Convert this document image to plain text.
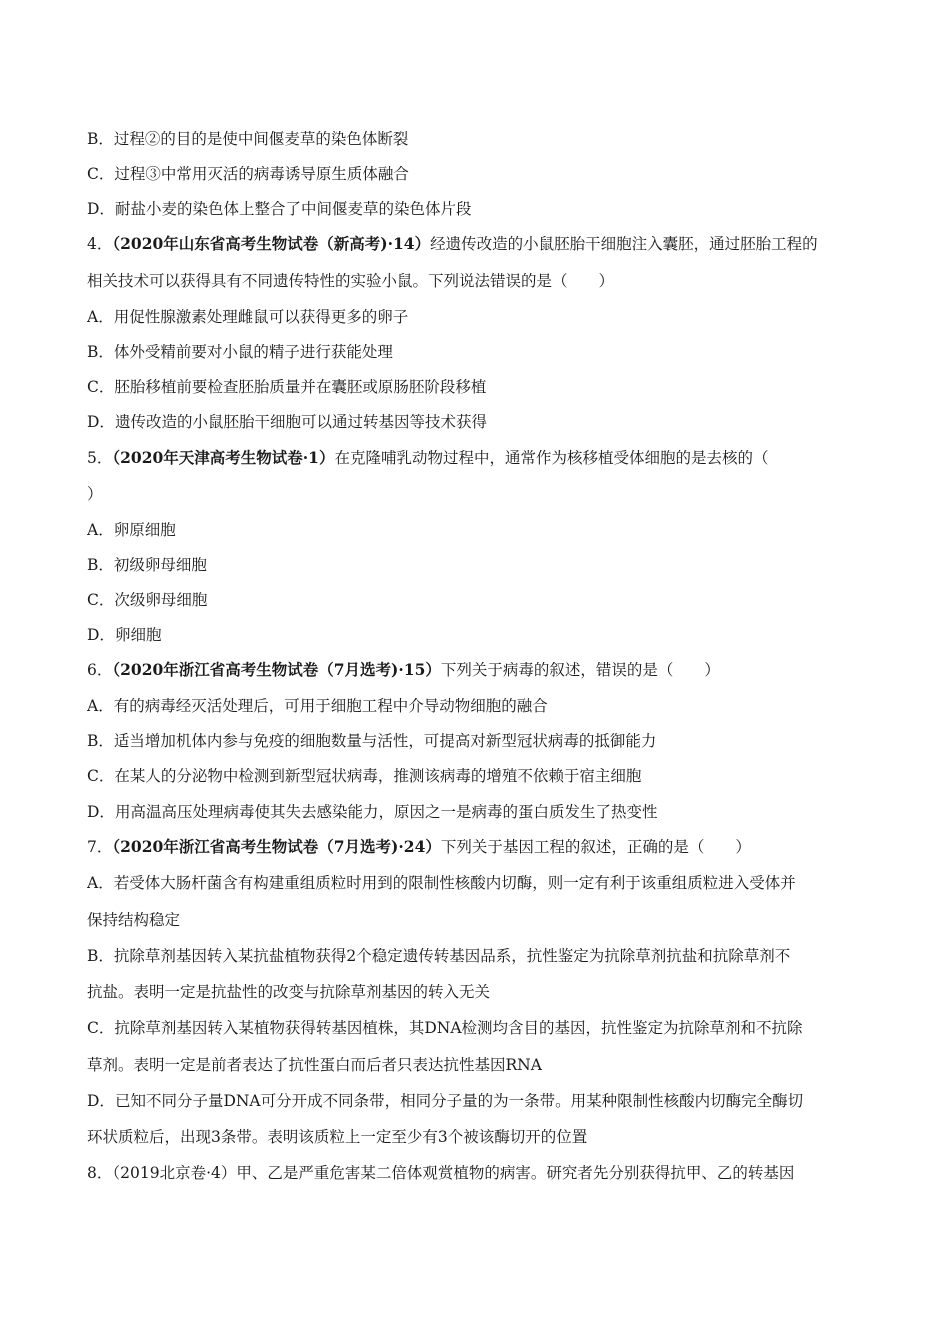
B．过程②的目的是使中间偃麦草的染色体断裂
C．过程③中常用灭活的病毒诱导原生质体融合
D．耐盐小麦的染色体上整合了中间偃麦草的染色体片段
4．（2020年山东省高考生物试卷（新高考)·14）经遗传改造的小鼠胚胎干细胞注入囊胚，通过胚胎工程的
相关技术可以获得具有不同遗传特性的实验小鼠。下列说法错误的是（　　）
A．用促性腺激素处理雌鼠可以获得更多的卵子
B．体外受精前要对小鼠的精子进行获能处理
C．胚胎移植前要检查胚胎质量并在囊胚或原肠胚阶段移植
D．遗传改造的小鼠胚胎干细胞可以通过转基因等技术获得
5．（2020年天津高考生物试卷·1）在克隆哺乳动物过程中，通常作为核移植受体细胞的是去核的（
）
A．卵原细胞
B．初级卵母细胞
C．次级卵母细胞
D．卵细胞
6．（2020年浙江省高考生物试卷（7月选考)·15）下列关于病毒的叙述，错误的是（　　）
A．有的病毒经灭活处理后，可用于细胞工程中介导动物细胞的融合
B．适当增加机体内参与免疫的细胞数量与活性，可提高对新型冠状病毒的抵御能力
C．在某人的分泌物中检测到新型冠状病毒，推测该病毒的增殖不依赖于宿主细胞
D．用高温高压处理病毒使其失去感染能力，原因之一是病毒的蛋白质发生了热变性
7．（2020年浙江省高考生物试卷（7月选考)·24）下列关于基因工程的叙述，正确的是（　　）
A．若受体大肠杆菌含有构建重组质粒时用到的限制性核酸内切酶，则一定有利于该重组质粒进入受体并
保持结构稳定
B．抗除草剂基因转入某抗盐植物获得2个稳定遗传转基因品系，抗性鉴定为抗除草剂抗盐和抗除草剂不
抗盐。表明一定是抗盐性的改变与抗除草剂基因的转入无关
C．抗除草剂基因转入某植物获得转基因植株，其DNA检测均含目的基因，抗性鉴定为抗除草剂和不抗除
草剂。表明一定是前者表达了抗性蛋白而后者只表达抗性基因RNA
D．已知不同分子量DNA可分开成不同条带，相同分子量的为一条带。用某种限制性核酸内切酶完全酶切
环状质粒后，出现3条带。表明该质粒上一定至少有3个被该酶切开的位置
8．（2019北京卷·4）甲、乙是严重危害某二倍体观赏植物的病害。研究者先分别获得抗甲、乙的转基因
